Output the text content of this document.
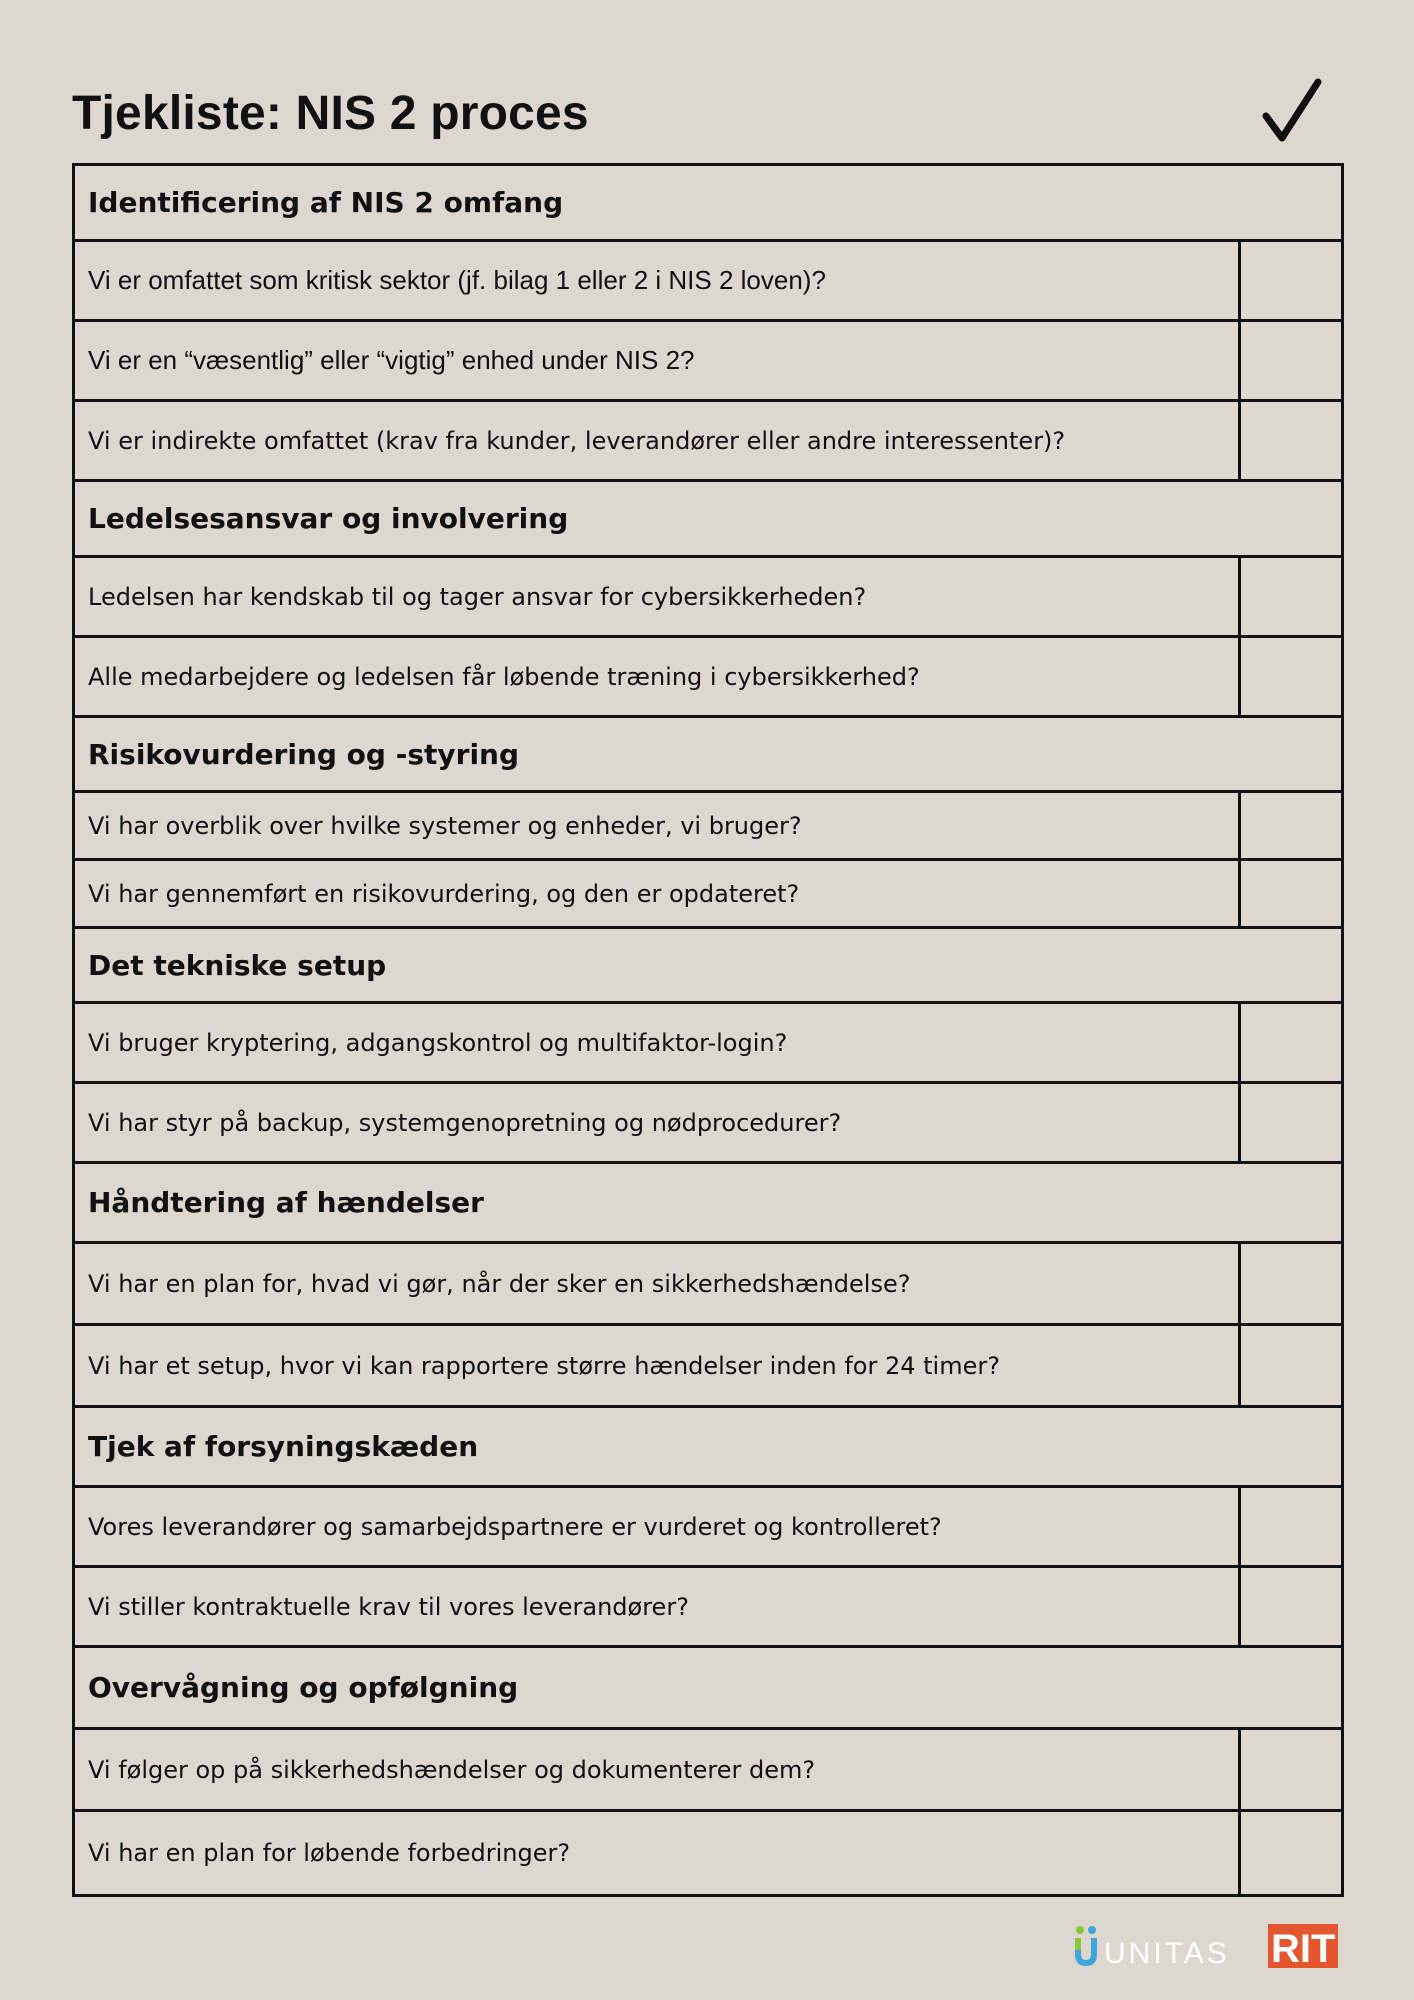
Tjekliste: NIS 2 proces
Identificering af NIS 2 omfang
Vi er omfattet som kritisk sektor (jf. bilag 1 eller 2 i NIS 2 loven)?
Vi er en “væsentlig” eller “vigtig” enhed under NIS 2?
Vi er indirekte omfattet (krav fra kunder, leverandører eller andre interessenter)?
Ledelsesansvar og involvering
Ledelsen har kendskab til og tager ansvar for cybersikkerheden?
Alle medarbejdere og ledelsen får løbende træning i cybersikkerhed?
Risikovurdering og -styring
Vi har overblik over hvilke systemer og enheder, vi bruger?
Vi har gennemført en risikovurdering, og den er opdateret?
Det tekniske setup
Vi bruger kryptering, adgangskontrol og multifaktor-login?
Vi har styr på backup, systemgenopretning og nødprocedurer?
Håndtering af hændelser
Vi har en plan for, hvad vi gør, når der sker en sikkerhedshændelse?
Vi har et setup, hvor vi kan rapportere større hændelser inden for 24 timer?
Tjek af forsyningskæden
Vores leverandører og samarbejdspartnere er vurderet og kontrolleret?
Vi stiller kontraktuelle krav til vores leverandører?
Overvågning og opfølgning
Vi følger op på sikkerhedshændelser og dokumenterer dem?
Vi har en plan for løbende forbedringer?
UNITAS RIT
